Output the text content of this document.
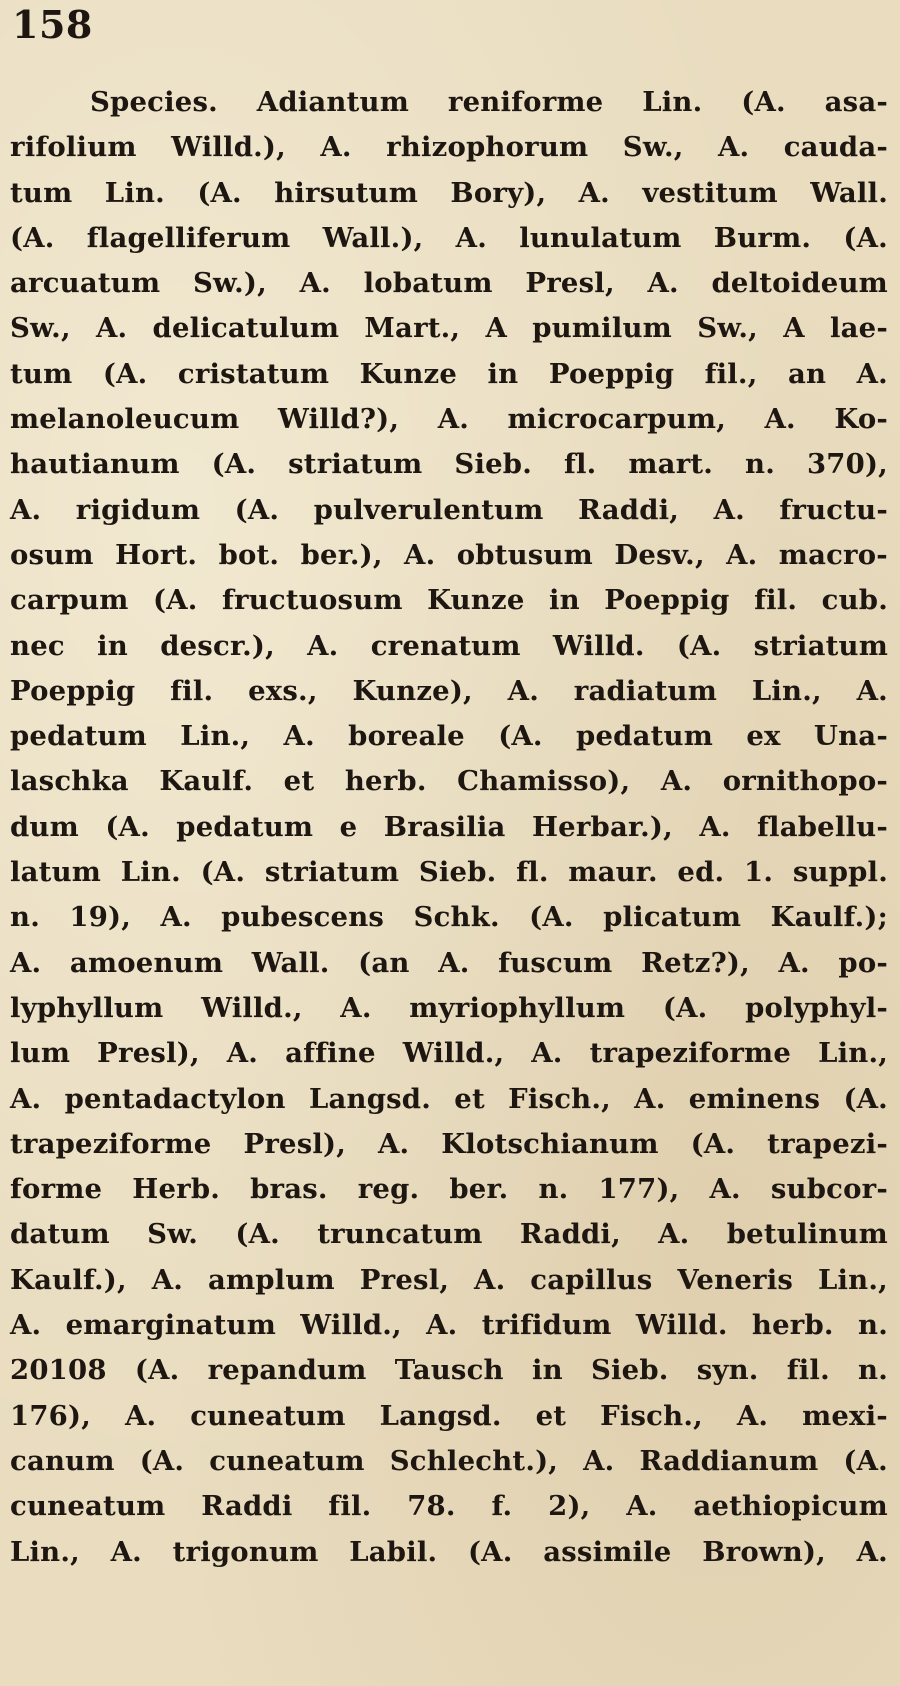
158
Species. Adiantum reniforme Lin. (A. asa-
rifolium Willd.), A. rhizophorum Sw., A. cauda-
tum Lin. (A. hirsutum Bory), A. vestitum Wall.
(A. flagelliferum Wall.), A. lunulatum Burm. (A.
arcuatum Sw.), A. lobatum Presl, A. deltoideum
Sw., A. delicatulum Mart., A pumilum Sw., A lae-
tum (A. cristatum Kunze in Poeppig fil., an A.
melanoleucum Willd?), A. microcarpum, A. Ko-
hautianum (A. striatum Sieb. fl. mart. n. 370),
A. rigidum (A. pulverulentum Raddi, A. fructu-
osum Hort. bot. ber.), A. obtusum Desv., A. macro-
carpum (A. fructuosum Kunze in Poeppig fil. cub.
nec in descr.), A. crenatum Willd. (A. striatum
Poeppig fil. exs., Kunze), A. radiatum Lin., A.
pedatum Lin., A. boreale (A. pedatum ex Una-
laschka Kaulf. et herb. Chamisso), A. ornithopo-
dum (A. pedatum e Brasilia Herbar.), A. flabellu-
latum Lin. (A. striatum Sieb. fl. maur. ed. 1. suppl.
n. 19), A. pubescens Schk. (A. plicatum Kaulf.);
A. amoenum Wall. (an A. fuscum Retz?), A. po-
lyphyllum Willd., A. myriophyllum (A. polyphyl-
lum Presl), A. affine Willd., A. trapeziforme Lin.,
A. pentadactylon Langsd. et Fisch., A. eminens (A.
trapeziforme Presl), A. Klotschianum (A. trapezi-
forme Herb. bras. reg. ber. n. 177), A. subcor-
datum Sw. (A. truncatum Raddi, A. betulinum
Kaulf.), A. amplum Presl, A. capillus Veneris Lin.,
A. emarginatum Willd., A. trifidum Willd. herb. n.
20108 (A. repandum Tausch in Sieb. syn. fil. n.
176), A. cuneatum Langsd. et Fisch., A. mexi-
canum (A. cuneatum Schlecht.), A. Raddianum (A.
cuneatum Raddi fil. 78. f. 2), A. aethiopicum
Lin., A. trigonum Labil. (A. assimile Brown), A.
